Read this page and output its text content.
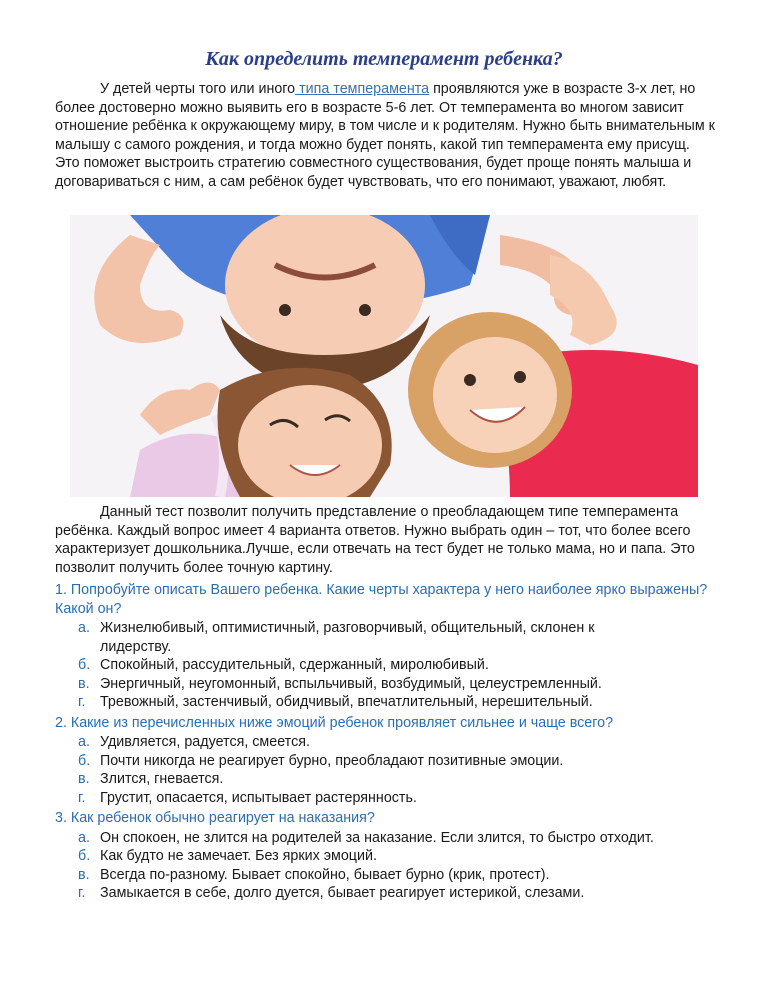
Как определить темперамент ребенка?
У детей черты того или иного типа темперамента проявляются уже в возрасте 3-х лет, но более достоверно можно выявить его в возрасте 5-6 лет. От темперамента во многом зависит отношение ребёнка к окружающему миру, в том числе и к родителям. Нужно быть внимательным к малышу с самого рождения, и тогда можно будет понять, какой тип темперамента ему присущ. Это поможет выстроить стратегию совместного существования, будет проще понять малыша и договариваться с ним, а сам ребёнок будет чувствовать, что его понимают, уважают, любят.
Данный тест позволит получить представление о преобладающем типе темперамента ребёнка. Каждый вопрос имеет 4 варианта ответов. Нужно выбрать один – тот, что более всего характеризует дошкольника.Лучше, если отвечать на тест будет не только мама, но и папа. Это позволит получить более точную картину.
1. Попробуйте описать Вашего ребенка. Какие черты характера у него наиболее ярко выражены? Какой он?
а. Жизнелюбивый, оптимистичный, разговорчивый, общительный, склонен к лидерству.
б. Спокойный, рассудительный, сдержанный, миролюбивый.
в. Энергичный, неугомонный, вспыльчивый, возбудимый, целеустремленный.
г. Тревожный, застенчивый, обидчивый, впечатлительный, нерешительный.
2. Какие из перечисленных ниже эмоций ребенок проявляет сильнее и чаще всего?
а. Удивляется, радуется, смеется.
б. Почти никогда не реагирует бурно, преобладают позитивные эмоции.
в. Злится, гневается.
г. Грустит, опасается, испытывает растерянность.
3. Как ребенок обычно реагирует на наказания?
а. Он спокоен, не злится на родителей за наказание. Если злится, то быстро отходит.
б. Как будто не замечает. Без ярких эмоций.
в. Всегда по-разному. Бывает спокойно, бывает бурно (крик, протест).
г. Замыкается в себе, долго дуется, бывает реагирует истерикой, слезами.
